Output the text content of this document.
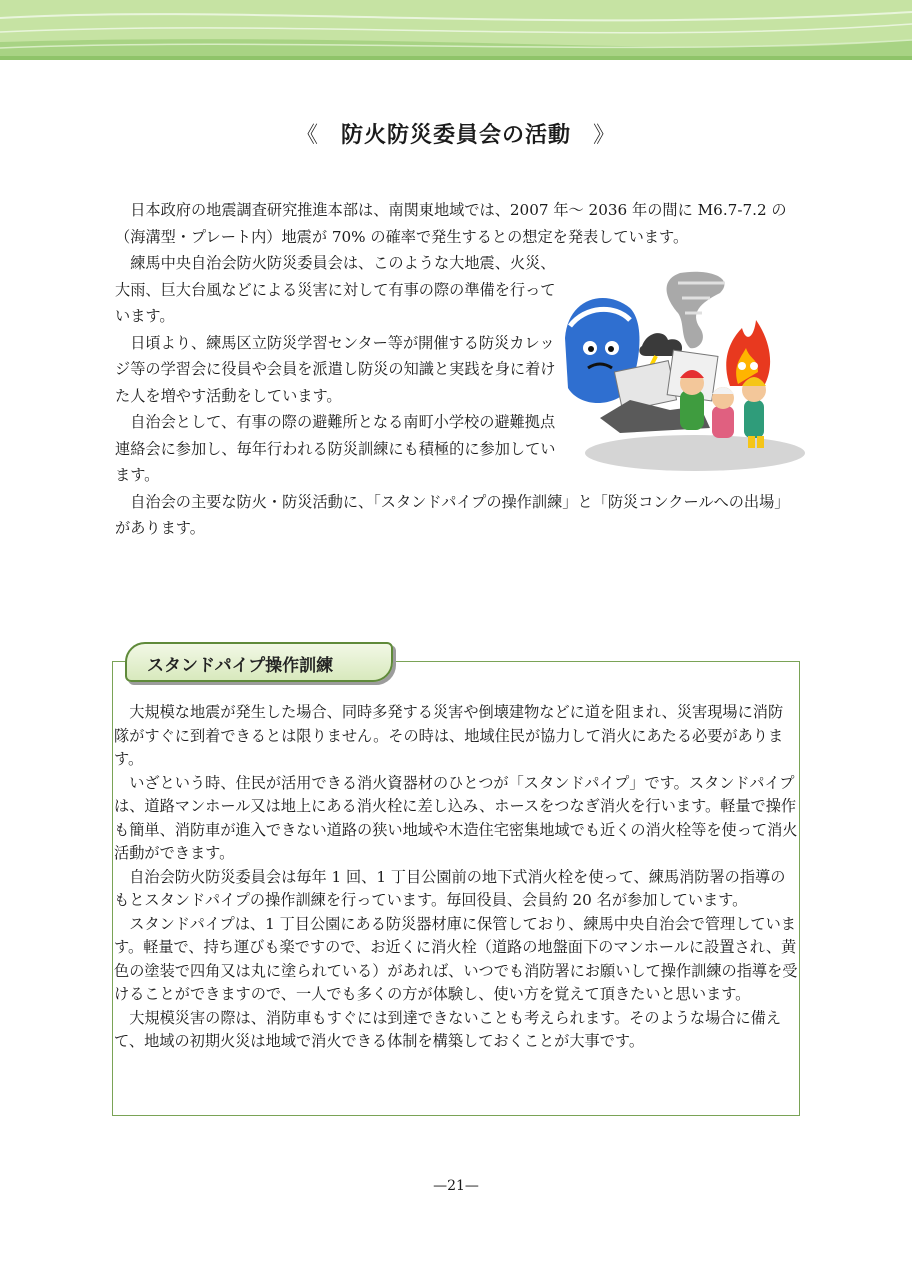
《 防火防災委員会の活動 》

日本政府の地震調査研究推進本部は、南関東地域では、2007 年～ 2036 年の間に M6.7-7.2 の（海溝型・プレート内）地震が 70% の確率で発生するとの想定を発表しています。

練馬中央自治会防火防災委員会は、このような大地震、火災、大雨、巨大台風などによる災害に対して有事の際の準備を行っています。

日頃より、練馬区立防災学習センター等が開催する防災カレッジ等の学習会に役員や会員を派遣し防災の知識と実践を身に着けた人を増やす活動をしています。

自治会として、有事の際の避難所となる南町小学校の避難拠点連絡会に参加し、毎年行われる防災訓練にも積極的に参加しています。

自治会の主要な防火・防災活動に、「スタンドパイプの操作訓練」と「防災コンクールへの出場」があります。

スタンドパイプ操作訓練

大規模な地震が発生した場合、同時多発する災害や倒壊建物などに道を阻まれ、災害現場に消防隊がすぐに到着できるとは限りません。その時は、地域住民が協力して消火にあたる必要があります。

いざという時、住民が活用できる消火資器材のひとつが「スタンドパイプ」です。スタンドパイプは、道路マンホール又は地上にある消火栓に差し込み、ホースをつなぎ消火を行います。軽量で操作も簡単、消防車が進入できない道路の狭い地域や木造住宅密集地域でも近くの消火栓等を使って消火活動ができます。

自治会防火防災委員会は毎年 1 回、1 丁目公園前の地下式消火栓を使って、練馬消防署の指導のもとスタンドパイプの操作訓練を行っています。毎回役員、会員約 20 名が参加しています。

スタンドパイプは、1 丁目公園にある防災器材庫に保管しており、練馬中央自治会で管理しています。軽量で、持ち運びも楽ですので、お近くに消火栓（道路の地盤面下のマンホールに設置され、黄色の塗装で四角又は丸に塗られている）があれば、いつでも消防署にお願いして操作訓練の指導を受けることができますので、一人でも多くの方が体験し、使い方を覚えて頂きたいと思います。

大規模災害の際は、消防車もすぐには到達できないことも考えられます。そのような場合に備えて、地域の初期火災は地域で消火できる体制を構築しておくことが大事です。

—21—
